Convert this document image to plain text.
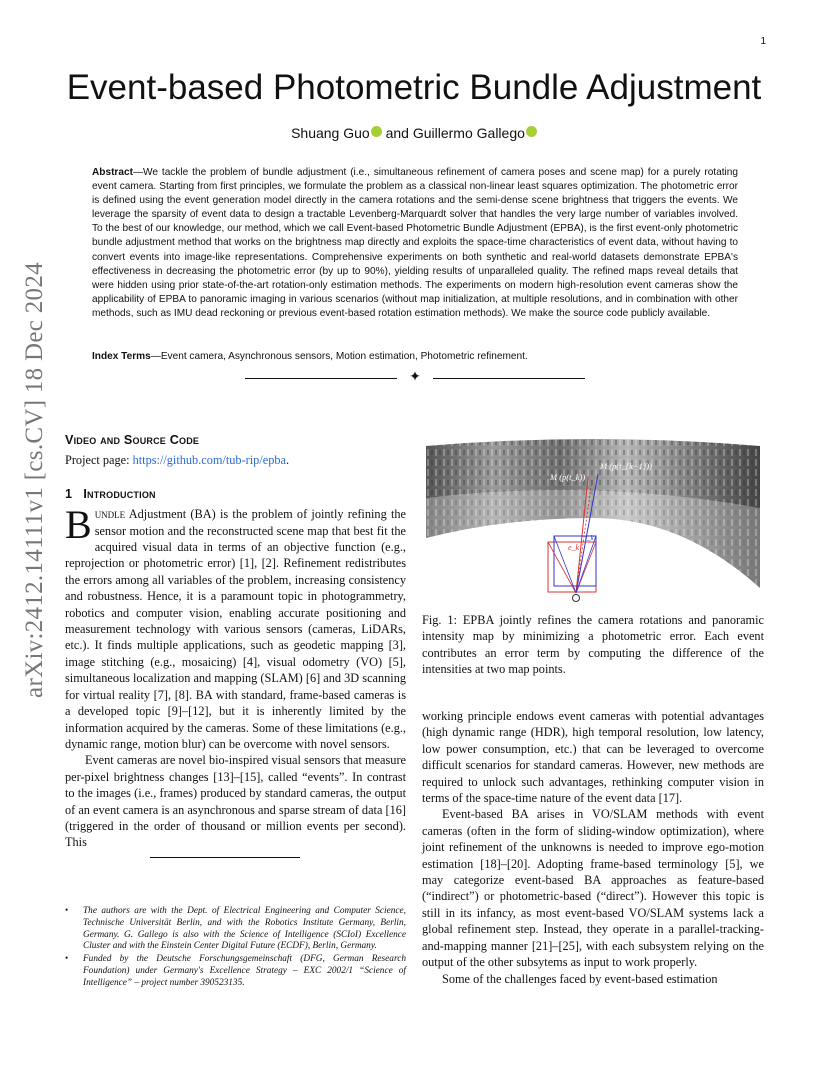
1
arXiv:2412.14111v1 [cs.CV] 18 Dec 2024
Event-based Photometric Bundle Adjustment
Shuang Guo and Guillermo Gallego

Abstract—We tackle the problem of bundle adjustment (i.e., simultaneous refinement of camera poses and scene map) for a purely rotating event camera. Starting from first principles, we formulate the problem as a classical non-linear least squares optimization. The photometric error is defined using the event generation model directly in the camera rotations and the semi-dense scene brightness that triggers the events. We leverage the sparsity of event data to design a tractable Levenberg-Marquardt solver that handles the very large number of variables involved. To the best of our knowledge, our method, which we call Event-based Photometric Bundle Adjustment (EPBA), is the first event-only photometric bundle adjustment method that works on the brightness map directly and exploits the space-time characteristics of event data, without having to convert events into image-like representations. Comprehensive experiments on both synthetic and real-world datasets demonstrate EPBA's effectiveness in decreasing the photometric error (by up to 90%), yielding results of unparalleled quality. The refined maps reveal details that were hidden using prior state-of-the-art rotation-only estimation methods. The experiments on modern high-resolution event cameras show the applicability of EPBA to panoramic imaging in various scenarios (without map initialization, at multiple resolutions, and in combination with other methods, such as IMU dead reckoning or previous event-based rotation estimation methods). We make the source code publicly available.

Index Terms—Event camera, Asynchronous sensors, Motion estimation, Photometric refinement.

✦
Video and Source Code

Project page: https://github.com/tub-rip/epba.

1 Introduction

Bundle Adjustment (BA) is the problem of jointly refining the sensor motion and the reconstructed scene map that best fit the acquired visual data in terms of an objective function (e.g., reprojection or photometric error) [1], [2]. Refinement redistributes the errors among all variables of the problem, increasing consistency and robustness. Hence, it is a paramount topic in photogrammetry, robotics and computer vision, enabling accurate positioning and measurement technology with various sensors (cameras, LiDARs, etc.). It finds multiple applications, such as geodetic mapping [3], image stitching (e.g., mosaicing) [4], visual odometry (VO) [5], simultaneous localization and mapping (SLAM) [6] and 3D scanning for virtual reality [7], [8]. BA with standard, frame-based cameras is a developed topic [9]–[12], but it is inherently limited by the information acquired by the cameras. Some of these limitations (e.g., dynamic range, motion blur) can be overcome with novel sensors.

Event cameras are novel bio-inspired visual sensors that measure per-pixel brightness changes [13]–[15], called “events”. In contrast to the images (i.e., frames) produced by standard cameras, the output of an event camera is an asynchronous and sparse stream of data [16] (triggered in the order of thousand or million events per second). This

• The authors are with the Dept. of Electrical Engineering and Computer Science, Technische Universität Berlin, and with the Robotics Institute Germany, Berlin, Germany. G. Gallego is also with the Science of Intelligence (SCIoI) Excellence Cluster and with the Einstein Center Digital Future (ECDF), Berlin, Germany.
• Funded by the Deutsche Forschungsgemeinschaft (DFG, German Research Foundation) under Germany's Excellence Strategy – EXC 2002/1 “Science of Intelligence” – project number 390523135.
M (p(t_k))
M (p(t_{k−1}))
e_k
t_k

Fig. 1: EPBA jointly refines the camera rotations and panoramic intensity map by minimizing a photometric error. Each event contributes an error term by computing the difference of the intensities at two map points.

working principle endows event cameras with potential advantages (high dynamic range (HDR), high temporal resolution, low latency, low power consumption, etc.) that can be leveraged to overcome difficult scenarios for standard cameras. However, new methods are required to unlock such advantages, rethinking computer vision in terms of the space-time nature of the event data [17].

Event-based BA arises in VO/SLAM methods with event cameras (often in the form of sliding-window optimization), where joint refinement of the unknowns is needed to improve ego-motion estimation [18]–[20]. Adopting frame-based terminology [5], we may categorize event-based BA approaches as feature-based (“indirect”) or photometric-based (“direct”). However this topic is still in its infancy, as most event-based VO/SLAM systems lack a global refinement step. Instead, they operate in a parallel-tracking-and-mapping manner [21]–[25], with each subsystem relying on the output of the other subsytems as input to work properly.

Some of the challenges faced by event-based estimation
